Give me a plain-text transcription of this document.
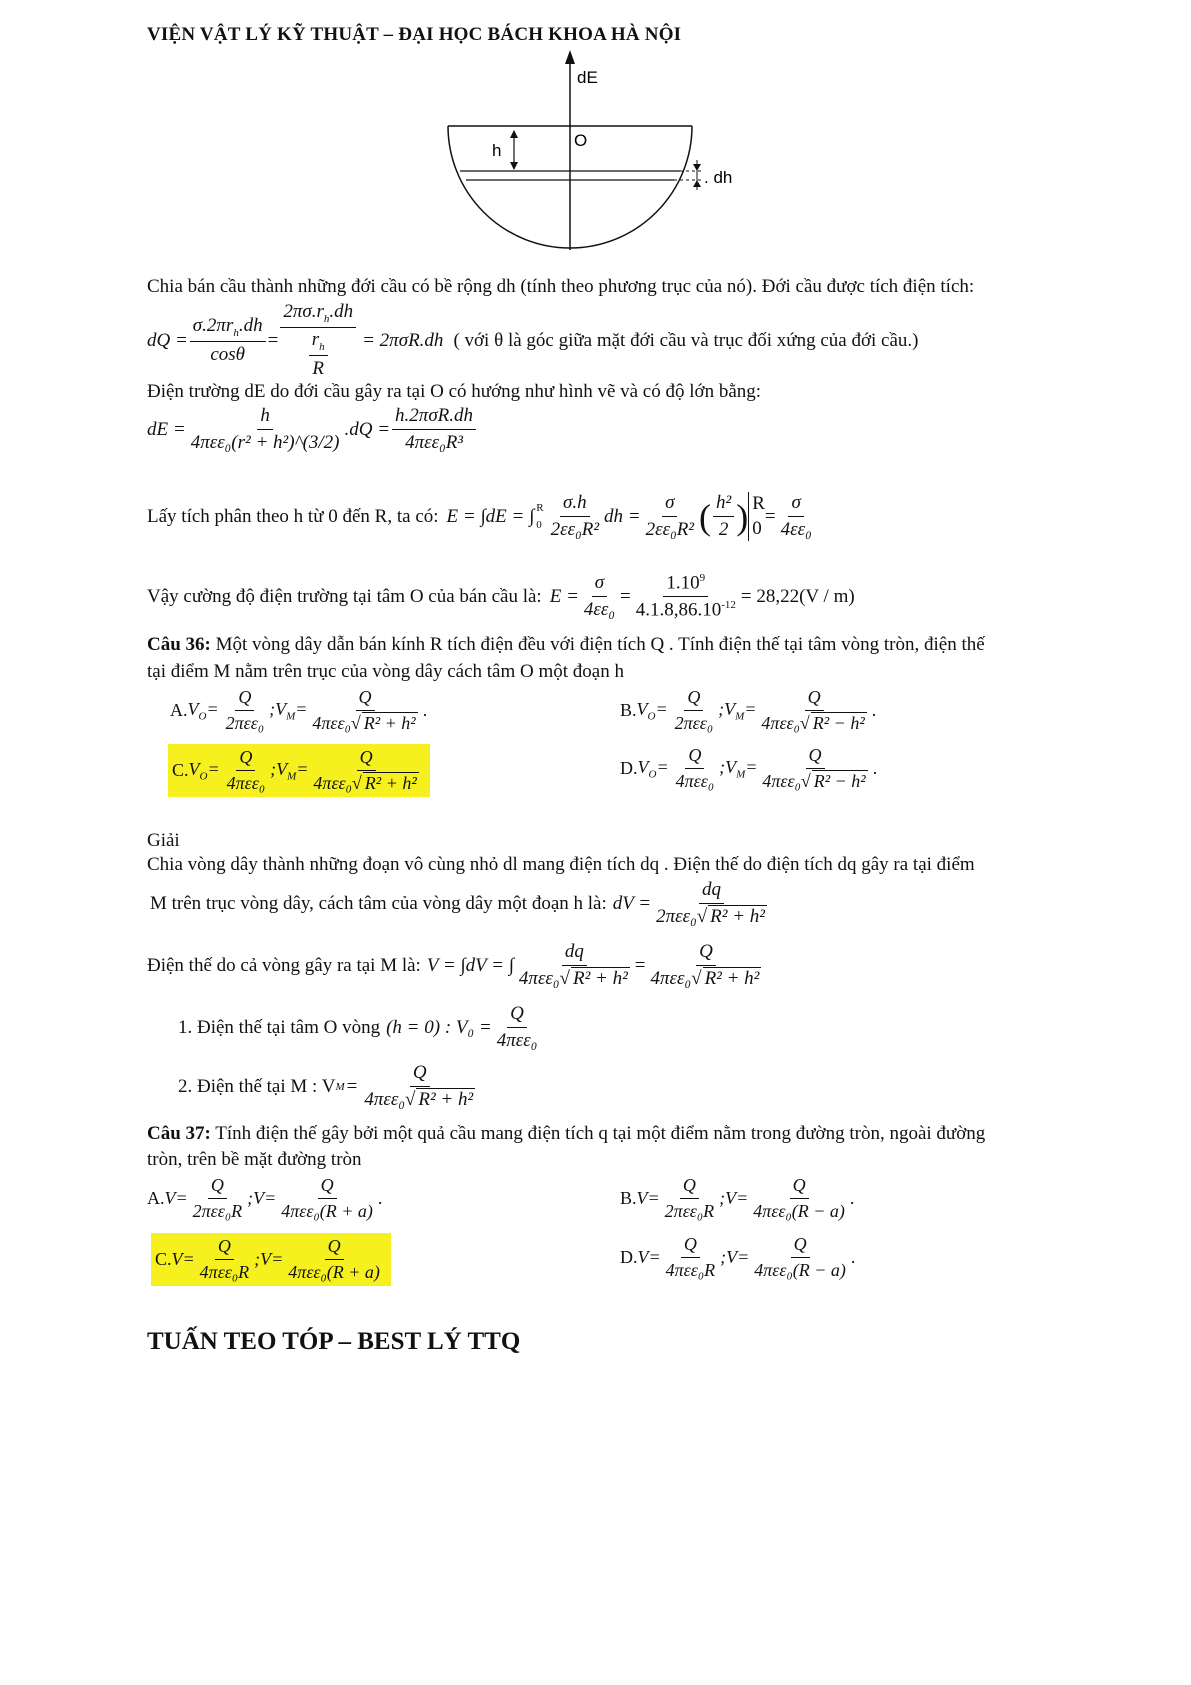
VIỆN VẬT LÝ KỸ THUẬT – ĐẠI HỌC BÁCH KHOA HÀ NỘI
dE
O
h
. dh
Chia bán cầu thành những đới cầu có bề rộng dh (tính theo phương trục của nó). Đới cầu được tích điện tích:
dQ = $\frac{\sigma.2\pi r_h.dh}{\cos\theta} = \frac{2\pi\sigma.r_h.dh}{\frac{r_h}{R}} = 2\pi\sigma R.dh$ ( với θ là góc giữa mặt đới cầu và trục đối xứng của đới cầu.)
Điện trường dE do đới cầu gây ra tại O có hướng như hình vẽ và có độ lớn bằng:
dE = $\frac{h}{\text{4πεε₀(r² + h²)\textasciicircum{}(3/2)}} .dQ = \frac{\text{h.2πσR.dh}}{\text{4πεε₀R³}}$
Lấy tích phân theo h từ 0 đến R, ta có: E = ∫dE = ∫ R
$0 \frac{\sigma.h}{\text{2εε₀R²}}$ dh = $\frac{\sigma}{\text{2εε₀R²}}$ ( $\frac{\text{h²}}{2}$ ) R
0
= $\frac{\sigma}{\text{4εε₀}}$
Vậy cường độ điện trường tại tâm O của bán cầu là: $E = \frac{\sigma}{\text{4εε₀}} = \frac{1.10^9}{4.1.8,86.10^{-12}} = 28,22(V / m)$
Câu 36: Một vòng dây dẫn bán kính R tích điện đều với điện tích Q . Tính điện thế tại tâm vòng tròn, điện thế
tại điểm M nằm trên trục của vòng dây cách tâm O một đoạn h
A. $V_O= \frac{Q}{\text{2πεε₀}}$ $;V_M= \frac{Q}{\text{4πεε₀√ R² + h²}}$ .	B. $V_O= \frac{Q}{\text{2πεε₀}}$ $;V_M= \frac{Q}{\text{4πεε₀√ R² − h²}}$ .
C. $V_O= \frac{Q}{\text{4πεε₀}}$ $;V_M= \frac{Q}{\text{4πεε₀√ R² + h²}}$	D. $V_O= \frac{Q}{\text{4πεε₀}}$ $;V_M= \frac{Q}{\text{4πεε₀√ R² − h²}}$ .
Giải
Chia vòng dây thành những đoạn vô cùng nhỏ dl mang điện tích dq . Điện thế do điện tích dq gây ra tại điểm
M trên trục vòng dây, cách tâm của vòng dây một đoạn h là: dV = $\frac{dq}{\text{2πεε₀√ R² + h²}}$
Điện thế do cả vòng gây ra tại M là: V = ∫dV = ∫ $\frac{dq}{\text{4πεε₀√ R² + h²}} = \frac{Q}{\text{4πεε₀√ R² + h²}}$
1. Điện thế tại tâm O vòng (h = 0) : $V_0 = \frac{Q}{\text{4πεε₀}}$
2. Điện thế tại M : V $M = \frac{Q}{\text{4πεε₀√ R² + h²}}$
Câu 37: Tính điện thế gây bởi một quả cầu mang điện tích q tại một điểm nằm trong đường tròn, ngoài đường
tròn, trên bề mặt đường tròn
A. $V= \frac{Q}{\text{2πεε₀R}}$ ;V= $\frac{Q}{\text{4πεε₀(R + a)}}$ .	B. $V= \frac{Q}{\text{2πεε₀R}}$ ;V= $\frac{Q}{\text{4πεε₀(R − a)}}$ .
C. $V= \frac{Q}{\text{4πεε₀R}}$ ;V= $\frac{Q}{\text{4πεε₀(R + a)}}$	D. $V= \frac{Q}{\text{4πεε₀R}}$ ;V= $\frac{Q}{\text{4πεε₀(R − a)}}$ .
TUẤN TEO TÓP – BEST LÝ TTQ
